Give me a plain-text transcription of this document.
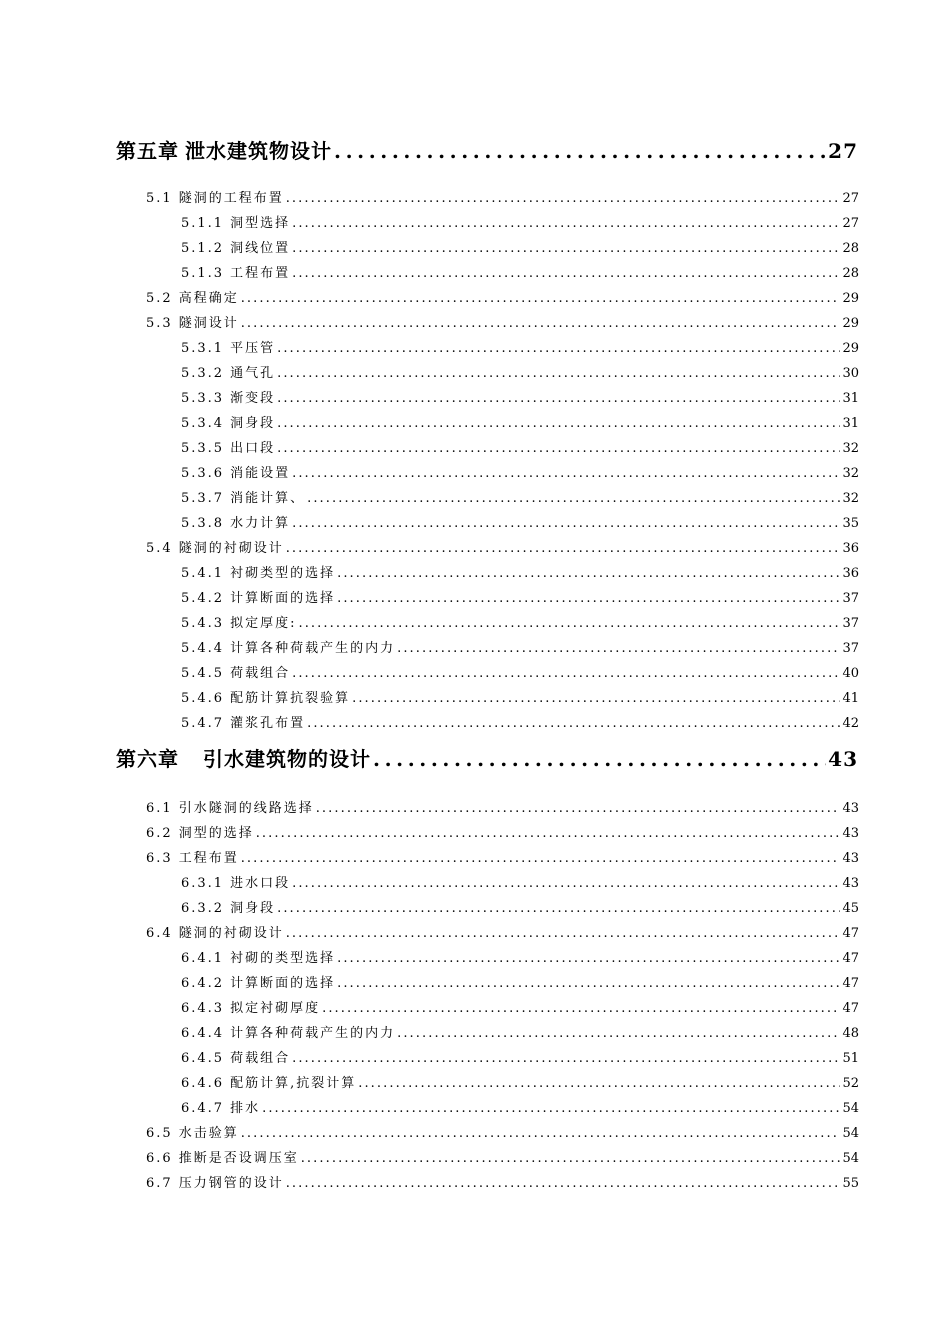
第五章 泄水建筑物设计 .....	27
5.1 隧洞的工程布置 .....	27
5.1.1 洞型选择 .....	27
5.1.2 洞线位置 .....	28
5.1.3 工程布置 .....	28
5.2 高程确定 .....	29
5.3 隧洞设计 .....	29
5.3.1 平压管 .....	29
5.3.2 通气孔 .....	30
5.3.3 渐变段 .....	31
5.3.4 洞身段 .....	31
5.3.5 出口段 .....	32
5.3.6 消能设置 .....	32
5.3.7 消能计算、 .....	32
5.3.8 水力计算 .....	35
5.4 隧洞的衬砌设计 .....	36
5.4.1 衬砌类型的选择 .....	36
5.4.2 计算断面的选择 .....	37
5.4.3 拟定厚度: .....	37
5.4.4 计算各种荷载产生的内力 .....	37
5.4.5 荷载组合 .....	40
5.4.6 配筋计算抗裂验算 .....	41
5.4.7 灌浆孔布置 .....	42
第六章 引水建筑物的设计 .....	43
6.1 引水隧洞的线路选择 .....	43
6.2 洞型的选择 .....	43
6.3 工程布置 .....	43
6.3.1 进水口段 .....	43
6.3.2 洞身段 .....	45
6.4 隧洞的衬砌设计 .....	47
6.4.1 衬砌的类型选择 .....	47
6.4.2 计算断面的选择 .....	47
6.4.3 拟定衬砌厚度 .....	47
6.4.4 计算各种荷载产生的内力 .....	48
6.4.5 荷载组合 .....	51
6.4.6 配筋计算,抗裂计算 .....	52
6.4.7 排水 .....	54
6.5 水击验算 .....	54
6.6 推断是否设调压室 .....	54
6.7 压力钢管的设计 .....	55
